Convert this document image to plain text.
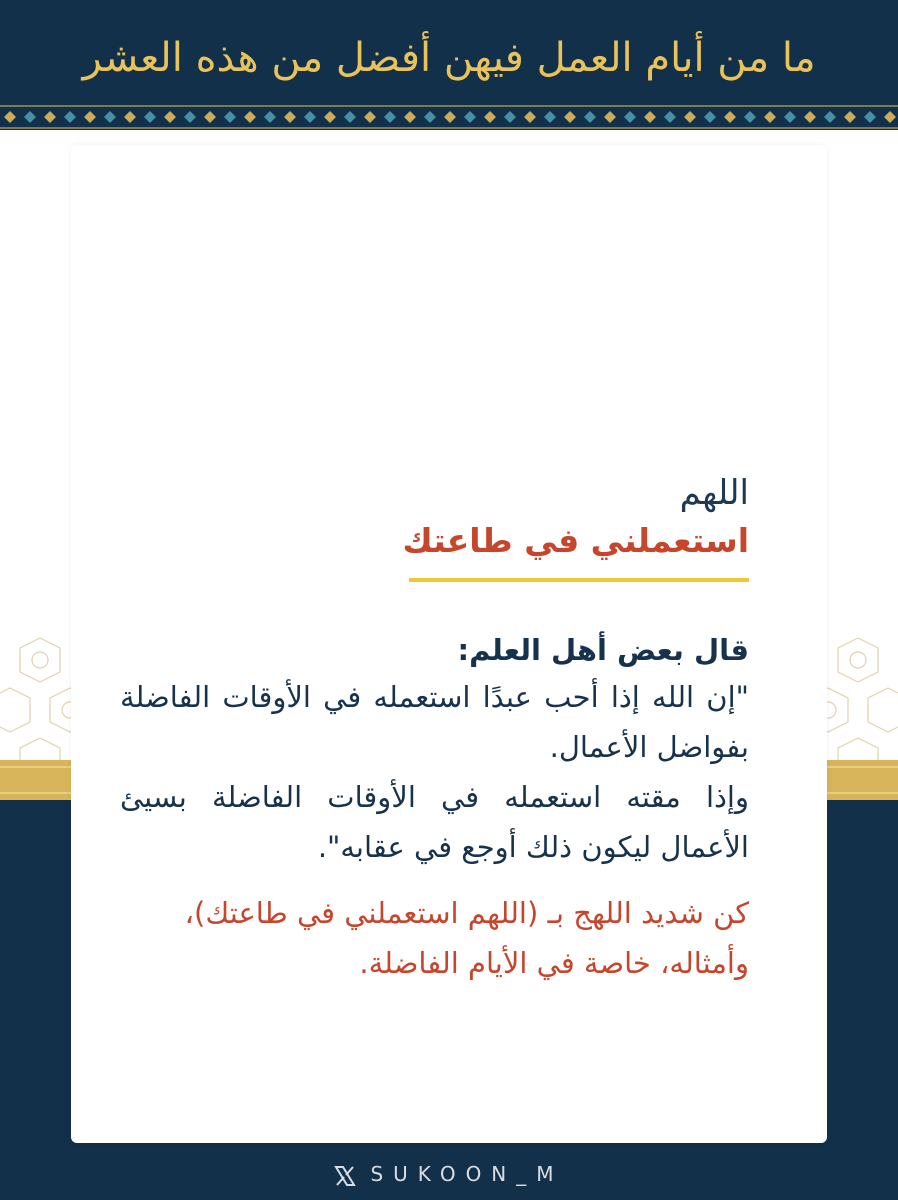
ما من أيام العمل فيهن أفضل من هذه العشر
اللهم
استعملني في طاعتك
قال بعض أهل العلم:
"إن الله إذا أحب عبدًا استعمله في الأوقات الفاضلة بفواضل الأعمال.
وإذا مقته استعمله في الأوقات الفاضلة بسيئ الأعمال ليكون ذلك أوجع في عقابه".
كن شديد اللهج بـ (اللهم استعملني في طاعتك)، وأمثاله، خاصة في الأيام الفاضلة.
SUKOON_M
